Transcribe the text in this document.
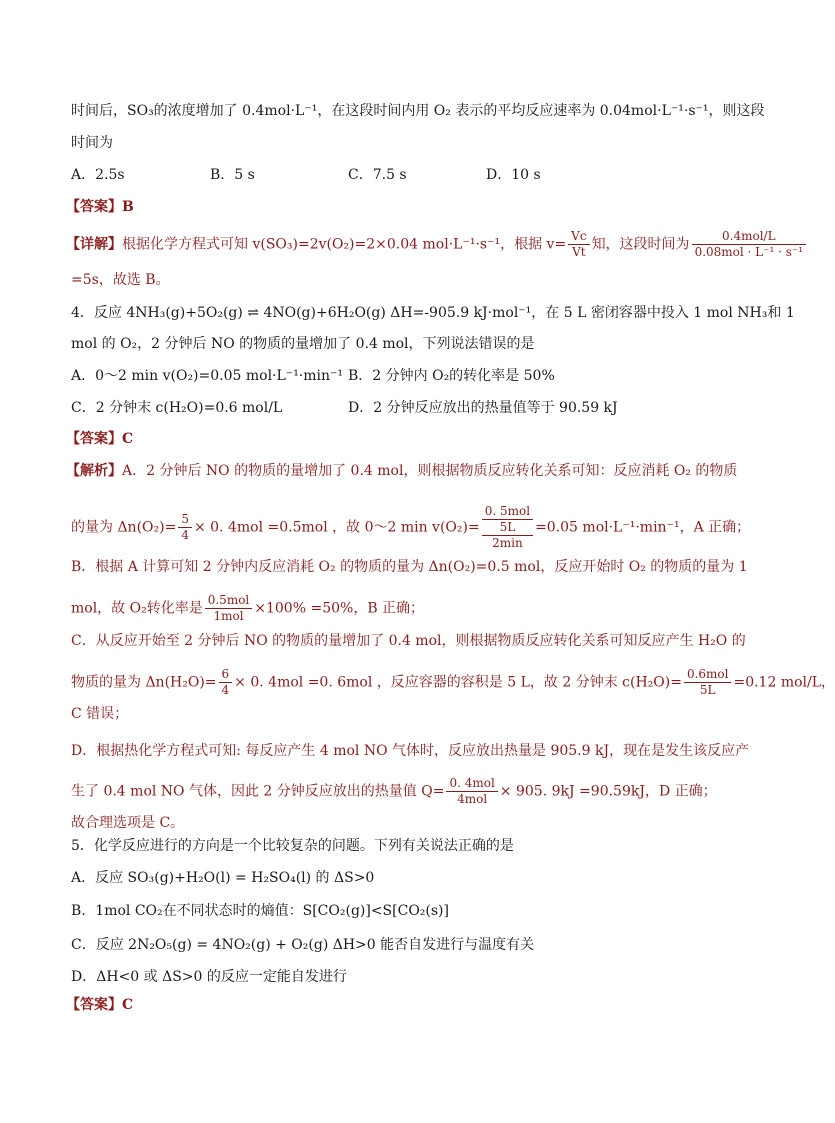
时间后，SO₃的浓度增加了 0.4mol·L⁻¹，在这段时间内用 O₂ 表示的平均反应速率为 0.04mol·L⁻¹·s⁻¹，则这段
时间为
A．2.5s	B．5 s	C．7.5 s	D．10 s
【答案】B
【详解】根据化学方程式可知 v(SO₃)=2v(O₂)=2×0.04 mol·L⁻¹·s⁻¹，根据 $v= \frac{Vc}{Vt}$ 知，这段时间为 $\frac{\text{0.4mol/L}}{\text{0.08mol · L⁻¹ · s⁻¹}}$
=5s，故选 B。
4．反应 4NH₃(g)+5O₂(g) ⇌ 4NO(g)+6H₂O(g) ΔH=-905.9 kJ·mol⁻¹，在 5 L 密闭容器中投入 1 mol NH₃和 1
mol 的 O₂，2 分钟后 NO 的物质的量增加了 0.4 mol，下列说法错误的是
A．0～2 min v(O₂)=0.05 mol·L⁻¹·min⁻¹ B．2 分钟内 O₂的转化率是 50%
C．2 分钟末 c(H₂O)=0.6 mol/L	D．2 分钟反应放出的热量值等于 90.59 kJ
【答案】C
【解析】A．2 分钟后 NO 的物质的量增加了 0.4 mol，则根据物质反应转化关系可知：反应消耗 O₂ 的物质
的量为 $\Delta n(O_2)= \frac{5}{4} \times 0$. 4mol =0.5mol ，故 0～2 min v(O₂)=
0. 5mol
5L
2min
=0.05 mol·L⁻¹·min⁻¹，A 正确；
B．根据 A 计算可知 2 分钟内反应消耗 O₂ 的物质的量为 Δn(O₂)=0.5 mol，反应开始时 O₂ 的物质的量为 1
mol，故 O₂转化率是 $\frac{\text{0.5mol}}{\text{1mol}} \times 100\% =50\%$，B 正确；
C．从反应开始至 2 分钟后 NO 的物质的量增加了 0.4 mol，则根据物质反应转化关系可知反应产生 H₂O 的
物质的量为 $\Delta n(H_2O)= \frac{6}{4} \times 0$. 4mol =0. 6mol ，反应容器的容积是 5 L，故 2 分钟末 $c(H_2O)= \frac{\text{0.6mol}}{5L} =0.12$ mol/L，
C 错误；
D．根据热化学方程式可知: 每反应产生 4 mol NO 气体时，反应放出热量是 905.9 kJ，现在是发生该反应产
生了 0.4 mol NO 气体，因此 2 分钟反应放出的热量值 $Q= \frac{\text{0. 4mol}}{\text{4mol}} \times 905$. 9kJ =90.59kJ，D 正确；
故合理选项是 C。
5．化学反应进行的方向是一个比较复杂的问题。下列有关说法正确的是
A．反应 SO₃(g)+H₂O(l) = H₂SO₄(l) 的 ΔS>0
B．1mol CO₂在不同状态时的熵值：S[CO₂(g)]<S[CO₂(s)]
C．反应 2N₂O₅(g) = 4NO₂(g) + O₂(g) ΔH>0 能否自发进行与温度有关
D．ΔH<0 或 ΔS>0 的反应一定能自发进行
【答案】C
